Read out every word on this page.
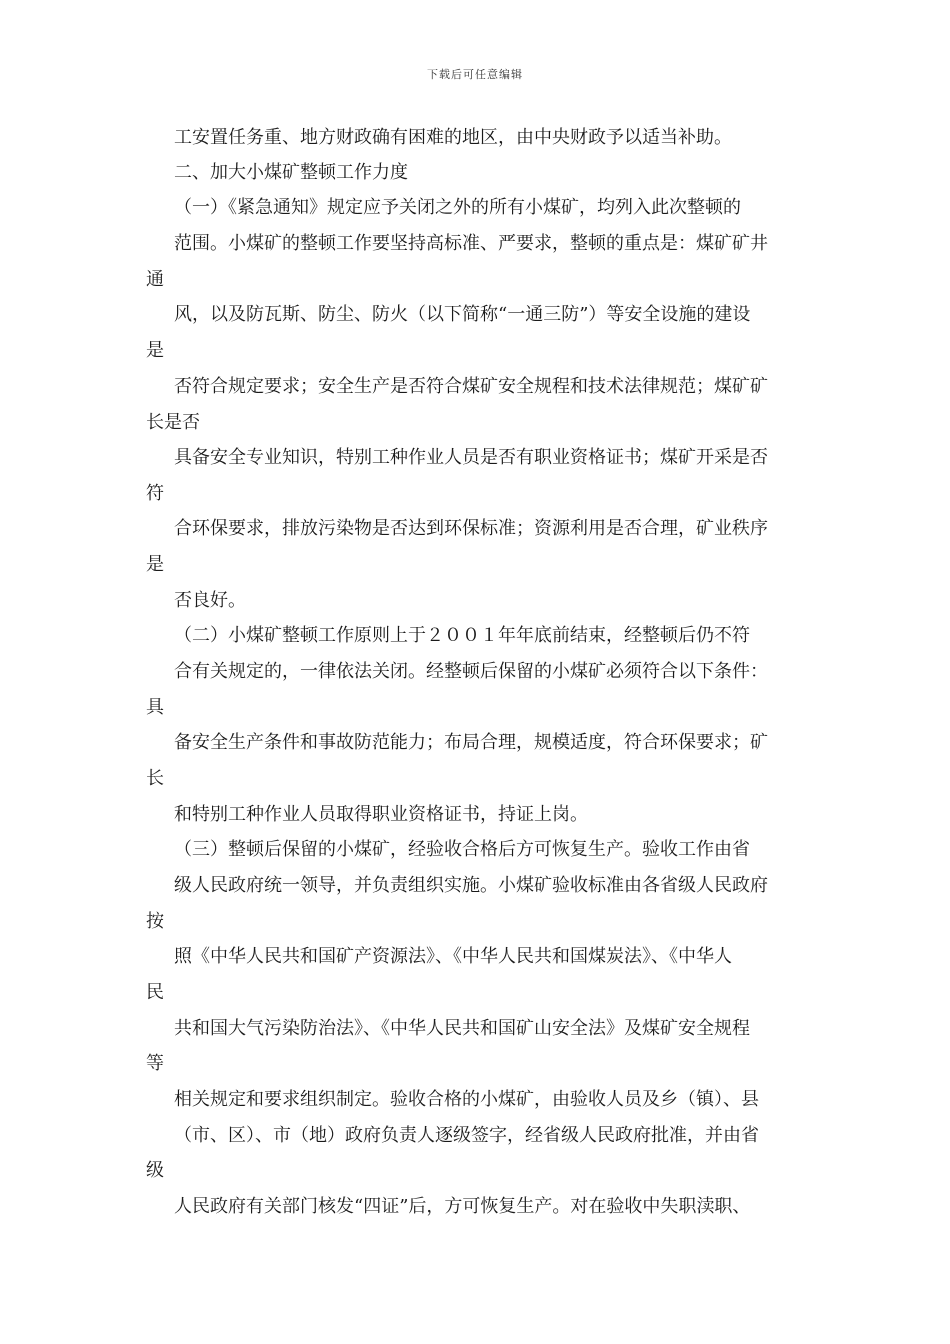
下载后可任意编辑
工安置任务重、地方财政确有困难的地区，由中央财政予以适当补助。
二、加大小煤矿整顿工作力度
（一）《紧急通知》规定应予关闭之外的所有小煤矿，均列入此次整顿的
范围。小煤矿的整顿工作要坚持高标准、严要求，整顿的重点是：煤矿矿井
通
风，以及防瓦斯、防尘、防火（以下简称“一通三防”）等安全设施的建设
是
否符合规定要求；安全生产是否符合煤矿安全规程和技术法律规范；煤矿矿
长是否
具备安全专业知识，特别工种作业人员是否有职业资格证书；煤矿开采是否
符
合环保要求，排放污染物是否达到环保标准；资源利用是否合理，矿业秩序
是
否良好。
（二）小煤矿整顿工作原则上于２００１年年底前结束，经整顿后仍不符
合有关规定的，一律依法关闭。经整顿后保留的小煤矿必须符合以下条件：
具
备安全生产条件和事故防范能力；布局合理，规模适度，符合环保要求；矿
长
和特别工种作业人员取得职业资格证书，持证上岗。
（三）整顿后保留的小煤矿，经验收合格后方可恢复生产。验收工作由省
级人民政府统一领导，并负责组织实施。小煤矿验收标准由各省级人民政府
按
照《中华人民共和国矿产资源法》、《中华人民共和国煤炭法》、《中华人
民
共和国大气污染防治法》、《中华人民共和国矿山安全法》及煤矿安全规程
等
相关规定和要求组织制定。验收合格的小煤矿，由验收人员及乡（镇）、县
（市、区）、市（地）政府负责人逐级签字，经省级人民政府批准，并由省
级
人民政府有关部门核发“四证”后，方可恢复生产。对在验收中失职渎职、
